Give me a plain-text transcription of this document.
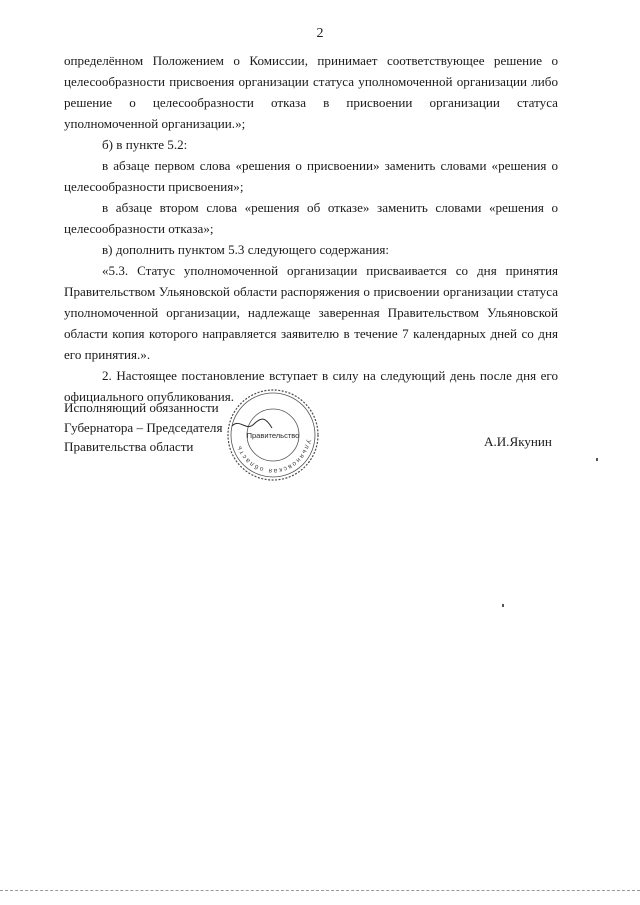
2

определённом Положением о Комиссии, принимает соответствующее решение о целесообразности присвоения организации статуса уполномоченной организации либо решение о целесообразности отказа в присвоении организации статуса уполномоченной организации.»;

б) в пункте 5.2:

в абзаце первом слова «решения о присвоении» заменить словами «решения о целесообразности присвоения»;

в абзаце втором слова «решения об отказе» заменить словами «решения о целесообразности отказа»;

в) дополнить пунктом 5.3 следующего содержания:

«5.3. Статус уполномоченной организации присваивается со дня принятия Правительством Ульяновской области распоряжения о присвоении организации статуса уполномоченной организации, надлежаще заверенная Правительством Ульяновской области копия которого направляется заявителю в течение 7 календарных дней со дня его принятия.».

2. Настоящее постановление вступает в силу на следующий день после дня его официального опубликования.

Исполняющий обязанности
Губернатора – Председателя
Правительства области	А.И.Якунин
Ульяновская область
Правительство
